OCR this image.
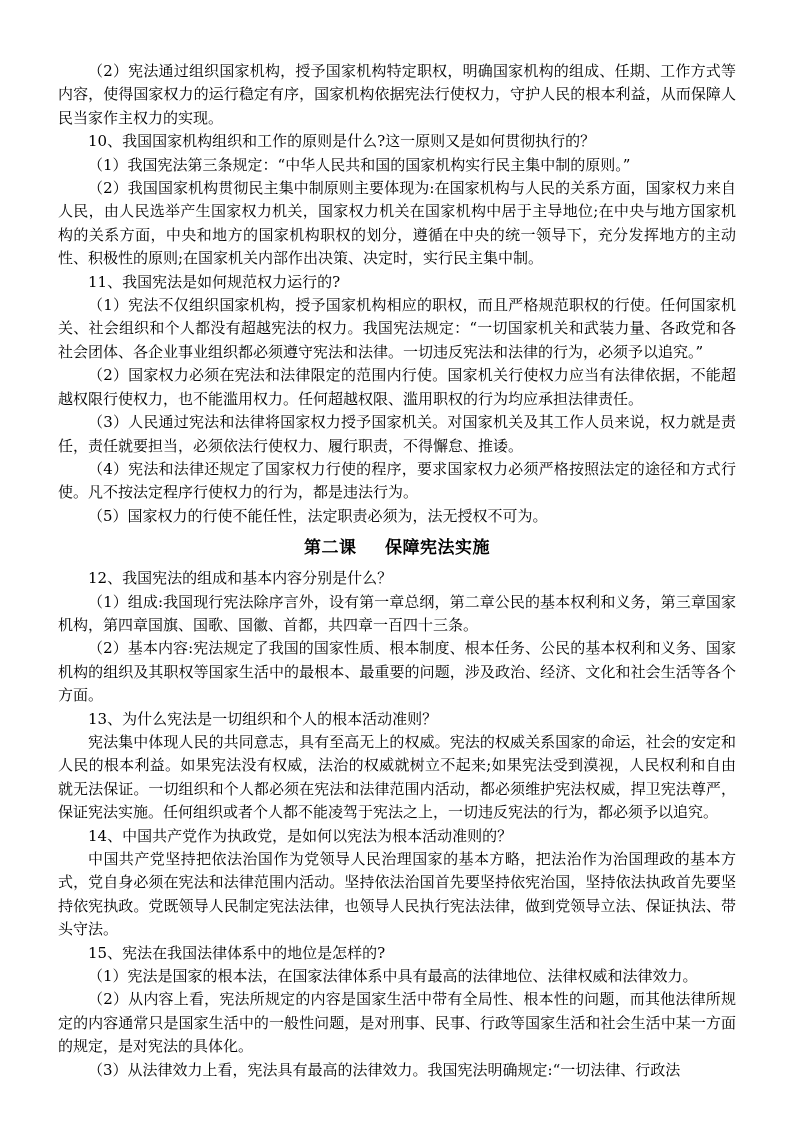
（2）宪法通过组织国家机构，授予国家机构特定职权，明确国家机构的组成、任期、工作方式等内容，使得国家权力的运行稳定有序，国家机构依据宪法行使权力，守护人民的根本利益，从而保障人民当家作主权力的实现。

10、我国国家机构组织和工作的原则是什么?这一原则又是如何贯彻执行的？

（1）我国宪法第三条规定：“中华人民共和国的国家机构实行民主集中制的原则。”

（2）我国国家机构贯彻民主集中制原则主要体现为:在国家机构与人民的关系方面，国家权力来自人民，由人民选举产生国家权力机关，国家权力机关在国家机构中居于主导地位;在中央与地方国家机构的关系方面，中央和地方的国家机构职权的划分，遵循在中央的统一领导下，充分发挥地方的主动性、积极性的原则;在国家机关内部作出决策、决定时，实行民主集中制。

11、我国宪法是如何规范权力运行的?

（1）宪法不仅组织国家机构，授予国家机构相应的职权，而且严格规范职权的行使。任何国家机关、社会组织和个人都没有超越宪法的权力。我国宪法规定：“一切国家机关和武装力量、各政党和各社会团体、各企业事业组织都必须遵守宪法和法律。一切违反宪法和法律的行为，必须予以追究。”

（2）国家权力必须在宪法和法律限定的范围内行使。国家机关行使权力应当有法律依据，不能超越权限行使权力，也不能滥用权力。任何超越权限、滥用职权的行为均应承担法律责任。

（3）人民通过宪法和法律将国家权力授予国家机关。对国家机关及其工作人员来说，权力就是责任，责任就要担当，必须依法行使权力、履行职责，不得懈怠、推诿。

（4）宪法和法律还规定了国家权力行使的程序，要求国家权力必须严格按照法定的途径和方式行使。凡不按法定程序行使权力的行为，都是违法行为。

（5）国家权力的行使不能任性，法定职责必须为，法无授权不可为。

第二课 保障宪法实施

12、我国宪法的组成和基本内容分别是什么？

（1）组成:我国现行宪法除序言外，设有第一章总纲，第二章公民的基本权利和义务，第三章国家机构，第四章国旗、国歌、国徽、首都，共四章一百四十三条。

（2）基本内容:宪法规定了我国的国家性质、根本制度、根本任务、公民的基本权利和义务、国家机构的组织及其职权等国家生活中的最根本、最重要的问题，涉及政治、经济、文化和社会生活等各个方面。

13、为什么宪法是一切组织和个人的根本活动准则？

宪法集中体现人民的共同意志，具有至高无上的权威。宪法的权威关系国家的命运，社会的安定和人民的根本利益。如果宪法没有权威，法治的权威就树立不起来;如果宪法受到漠视，人民权利和自由就无法保证。一切组织和个人都必须在宪法和法律范围内活动，都必须维护宪法权威，捍卫宪法尊严，保证宪法实施。任何组织或者个人都不能凌驾于宪法之上，一切违反宪法的行为，都必须予以追究。

14、中国共产党作为执政党，是如何以宪法为根本活动准则的？

中国共产党坚持把依法治国作为党领导人民治理国家的基本方略，把法治作为治国理政的基本方式，党自身必须在宪法和法律范围内活动。坚持依法治国首先要坚持依宪治国，坚持依法执政首先要坚持依宪执政。党既领导人民制定宪法法律，也领导人民执行宪法法律，做到党领导立法、保证执法、带头守法。

15、宪法在我国法律体系中的地位是怎样的?

（1）宪法是国家的根本法，在国家法律体系中具有最高的法律地位、法律权威和法律效力。

（2）从内容上看，宪法所规定的内容是国家生活中带有全局性、根本性的问题，而其他法律所规定的内容通常只是国家生活中的一般性问题，是对刑事、民事、行政等国家生活和社会生活中某一方面的规定，是对宪法的具体化。

（3）从法律效力上看，宪法具有最高的法律效力。我国宪法明确规定:“一切法律、行政法
